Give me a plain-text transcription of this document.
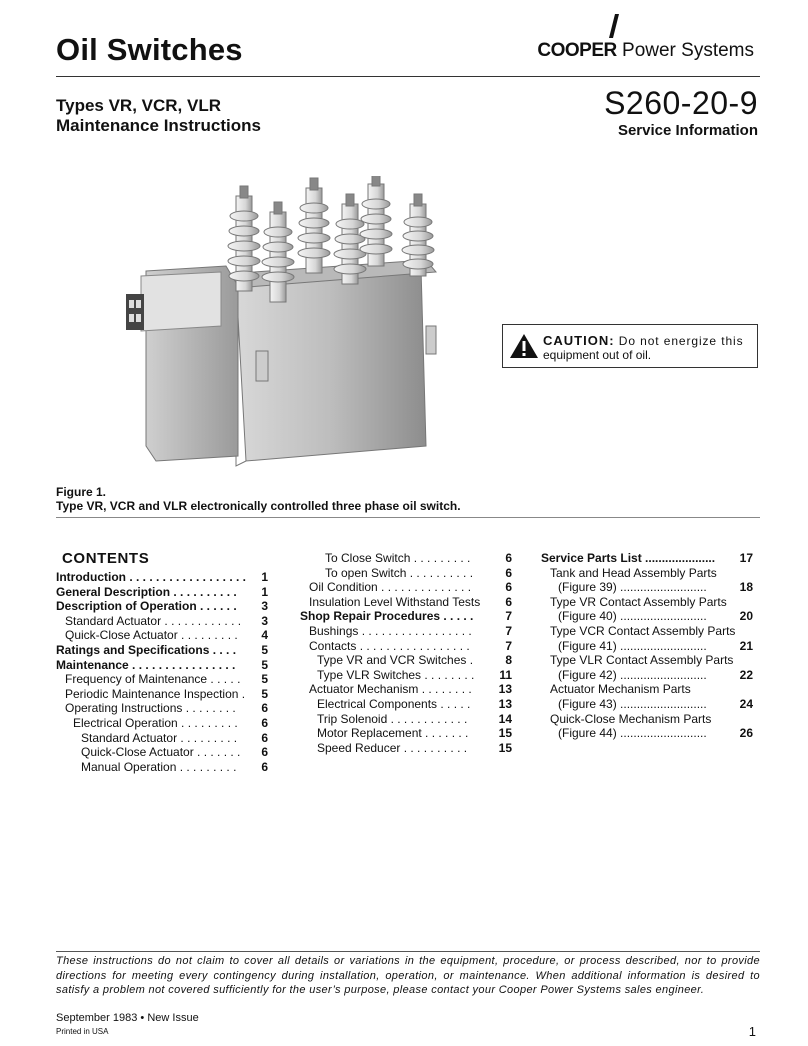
Oil Switches	COOPER Power Systems
Types VR, VCR, VLR
Maintenance Instructions
S260-20-9
Service Information
CAUTION: Do not energize this
equipment out of oil.
Figure 1.
Type VR, VCR and VLR electronically controlled three phase oil switch.
CONTENTS
Introduction . . . . . . . . . . . . . . . . . . 1
General Description . . . . . . . . . . 1
Description of Operation . . . . . . 3
Standard Actuator . . . . . . . . . . . . 3
Quick-Close Actuator . . . . . . . . . 4
Ratings and Specifications . . . . 5
Maintenance . . . . . . . . . . . . . . . . 5
Frequency of Maintenance . . . . . 5
Periodic Maintenance Inspection . 5
Operating Instructions . . . . . . . . 6
Electrical Operation . . . . . . . . . 6
Standard Actuator . . . . . . . . . 6
Quick-Close Actuator . . . . . . . 6
Manual Operation . . . . . . . . . 6
To Close Switch . . . . . . . . .	6
To open Switch . . . . . . . . . .	6
Oil Condition . . . . . . . . . . . . . .	6
Insulation Level Withstand Tests 6
Shop Repair Procedures . . . . .	7
Bushings . . . . . . . . . . . . . . . . .	7
Contacts . . . . . . . . . . . . . . . . .	7
Type VR and VCR Switches .	8
Type VLR Switches . . . . . . . . 11
Actuator Mechanism . . . . . . . . 13
Electrical Components . . . . . 13
Trip Solenoid . . . . . . . . . . . .	14
Motor Replacement . . . . . . .	15
Speed Reducer . . . . . . . . . .	15
Service Parts List ..................... 17
Tank and Head Assembly Parts
(Figure 39) ..........................	18
Type VR Contact Assembly Parts
(Figure 40) ..........................	20
Type VCR Contact Assembly Parts
(Figure 41) ..........................	21
Type VLR Contact Assembly Parts
(Figure 42) ..........................	22
Actuator Mechanism Parts
(Figure 43) ..........................	24
Quick-Close Mechanism Parts
(Figure 44) ..........................	26
These instructions do not claim to cover all details or variations in the equipment, procedure, or process described, nor to provide directions for meeting every contingency during installation, operation, or maintenance. When additional information is desired to satisfy a problem not covered sufficiently for the user’s purpose, please contact your Cooper Power Systems sales engineer.
September 1983 • New Issue
Printed in USA	1
